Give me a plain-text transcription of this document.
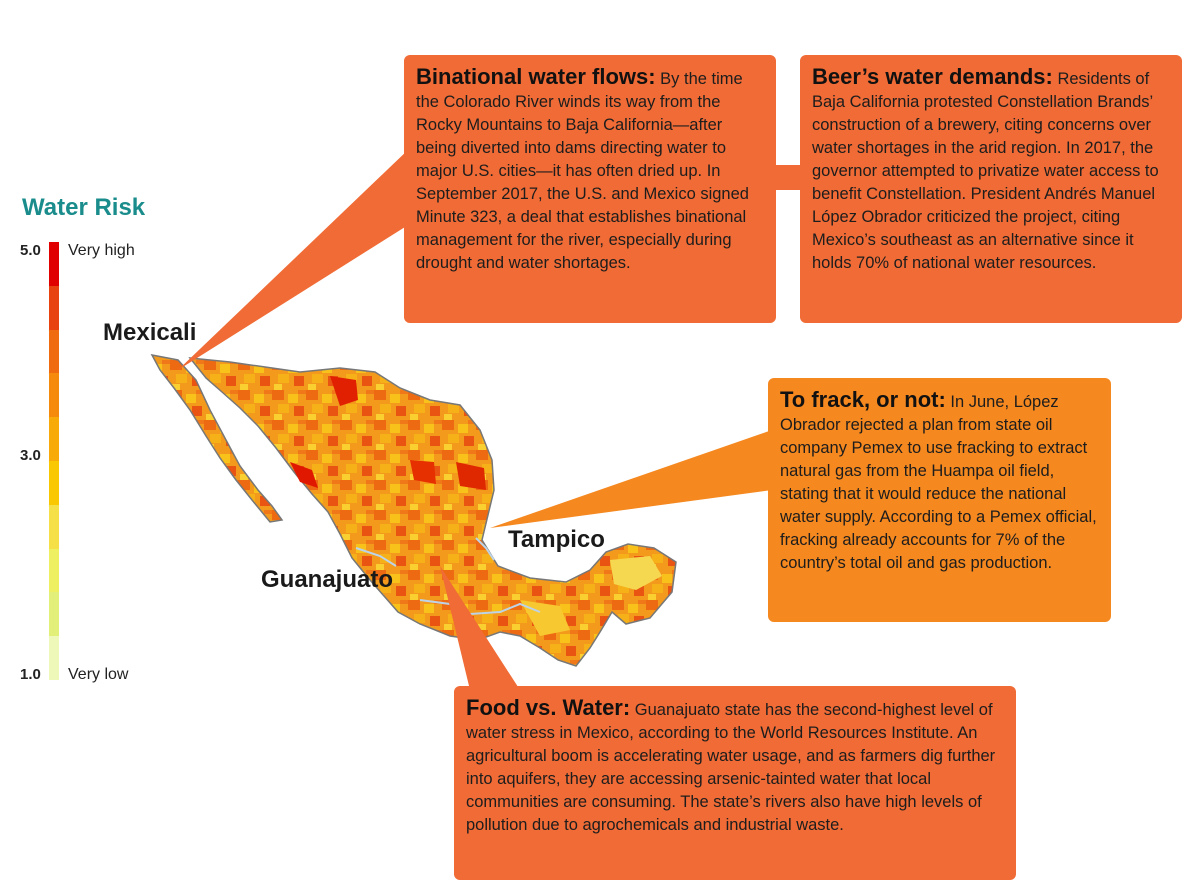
Water Risk
5.0
3.0
1.0
Very high
Very low
Mexicali
Tampico
Guanajuato
Binational water flows: By the time the Colorado River winds its way from the Rocky Mountains to Baja California—after being diverted into dams directing water to major U.S. cities—it has often dried up. In September 2017, the U.S. and Mexico signed Minute 323, a deal that establishes binational management for the river, especially during drought and water shortages.
Beer’s water demands: Residents of Baja California protested Constellation Brands’ construction of a brewery, citing concerns over water shortages in the arid region. In 2017, the governor attempted to privatize water access to benefit Constellation. President Andrés Manuel López Obrador criticized the project, citing Mexico’s southeast as an alternative since it holds 70% of national water resources.
To frack, or not: In June, López Obrador rejected a plan from state oil company Pemex to use fracking to extract natural gas from the Huampa oil field, stating that it would reduce the national water supply. According to a Pemex official, fracking already accounts for 7% of the country’s total oil and gas production.
Food vs. Water: Guanajuato state has the second-highest level of water stress in Mexico, according to the World Resources Institute. An agricultural boom is accelerating water usage, and as farmers dig further into aquifers, they are accessing arsenic-tainted water that local communities are consuming. The state’s rivers also have high levels of pollution due to agrochemicals and industrial waste.
